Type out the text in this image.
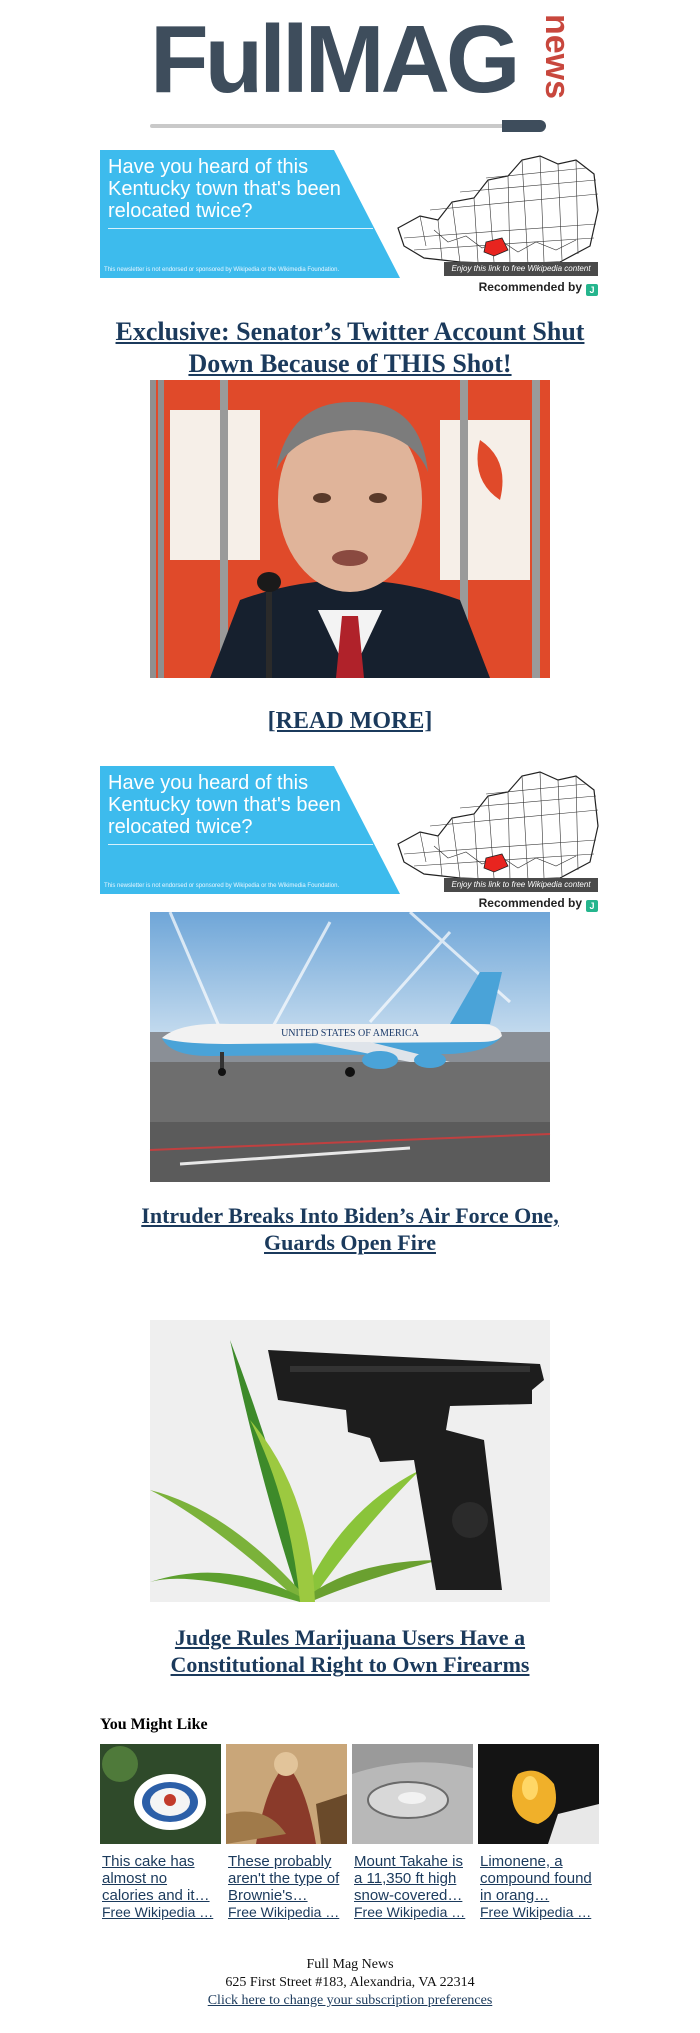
FullMAG news
Have you heard of this Kentucky town that's been relocated twice?
This newsletter is not endorsed or sponsored by Wikipedia or the Wikimedia Foundation.	Enjoy this link to free Wikipedia content
Recommended by J
Exclusive: Senator’s Twitter Account Shut Down Because of THIS Shot!
[READ MORE]
Have you heard of this Kentucky town that's been relocated twice?
This newsletter is not endorsed or sponsored by Wikipedia or the Wikimedia Foundation.	Enjoy this link to free Wikipedia content
Recommended by J
UNITED STATES OF AMERICA
Intruder Breaks Into Biden’s Air Force One, Guards Open Fire
Judge Rules Marijuana Users Have a Constitutional Right to Own Firearms
You Might Like
This cake has almost no calories and it…
Free Wikipedia …
These probably aren't the type of Brownie's…
Free Wikipedia …
Mount Takahe is a 11,350 ft high snow-covered…
Free Wikipedia …
Limonene, a compound found in orang…
Free Wikipedia …
Full Mag News
625 First Street #183, Alexandria, VA 22314
Click here to change your subscription preferences
